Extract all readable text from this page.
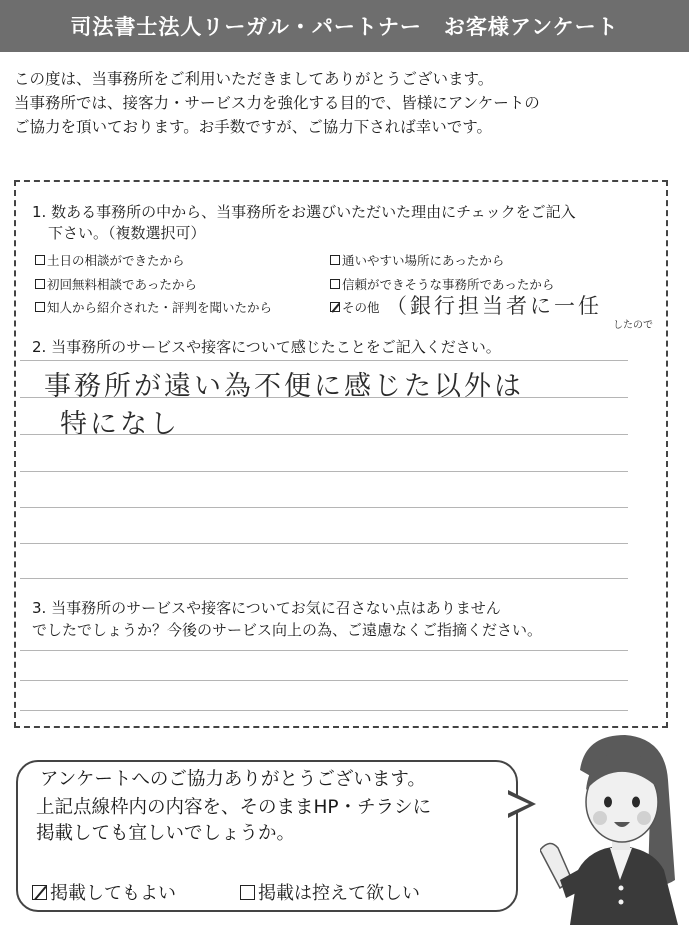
司法書士法人リーガル・パートナー　お客様アンケート
この度は、当事務所をご利用いただきましてありがとうございます。
当事務所では、接客力・サービス力を強化する目的で、皆様にアンケートの
ご協力を頂いております。お手数ですが、ご協力下されば幸いです。
1. 数ある事務所の中から、当事務所をお選びいただいた理由にチェックをご記入
下さい。（複数選択可）
土日の相談ができたから	通いやすい場所にあったから
初回無料相談であったから	信頼ができそうな事務所であったから
知人から紹介された・評判を聞いたから	その他 （銀行担当者に一任
したので
2. 当事務所のサービスや接客について感じたことをご記入ください。
事務所が遠い為不便に感じた以外は
特になし
3. 当事務所のサービスや接客についてお気に召さない点はありません
でしたでしょうか？今後のサービス向上の為、ご遠慮なくご指摘ください。
アンケートへのご協力ありがとうございます。
上記点線枠内の内容を、そのままHP・チラシに
掲載しても宜しいでしょうか。
掲載してもよい	掲載は控えて欲しい
